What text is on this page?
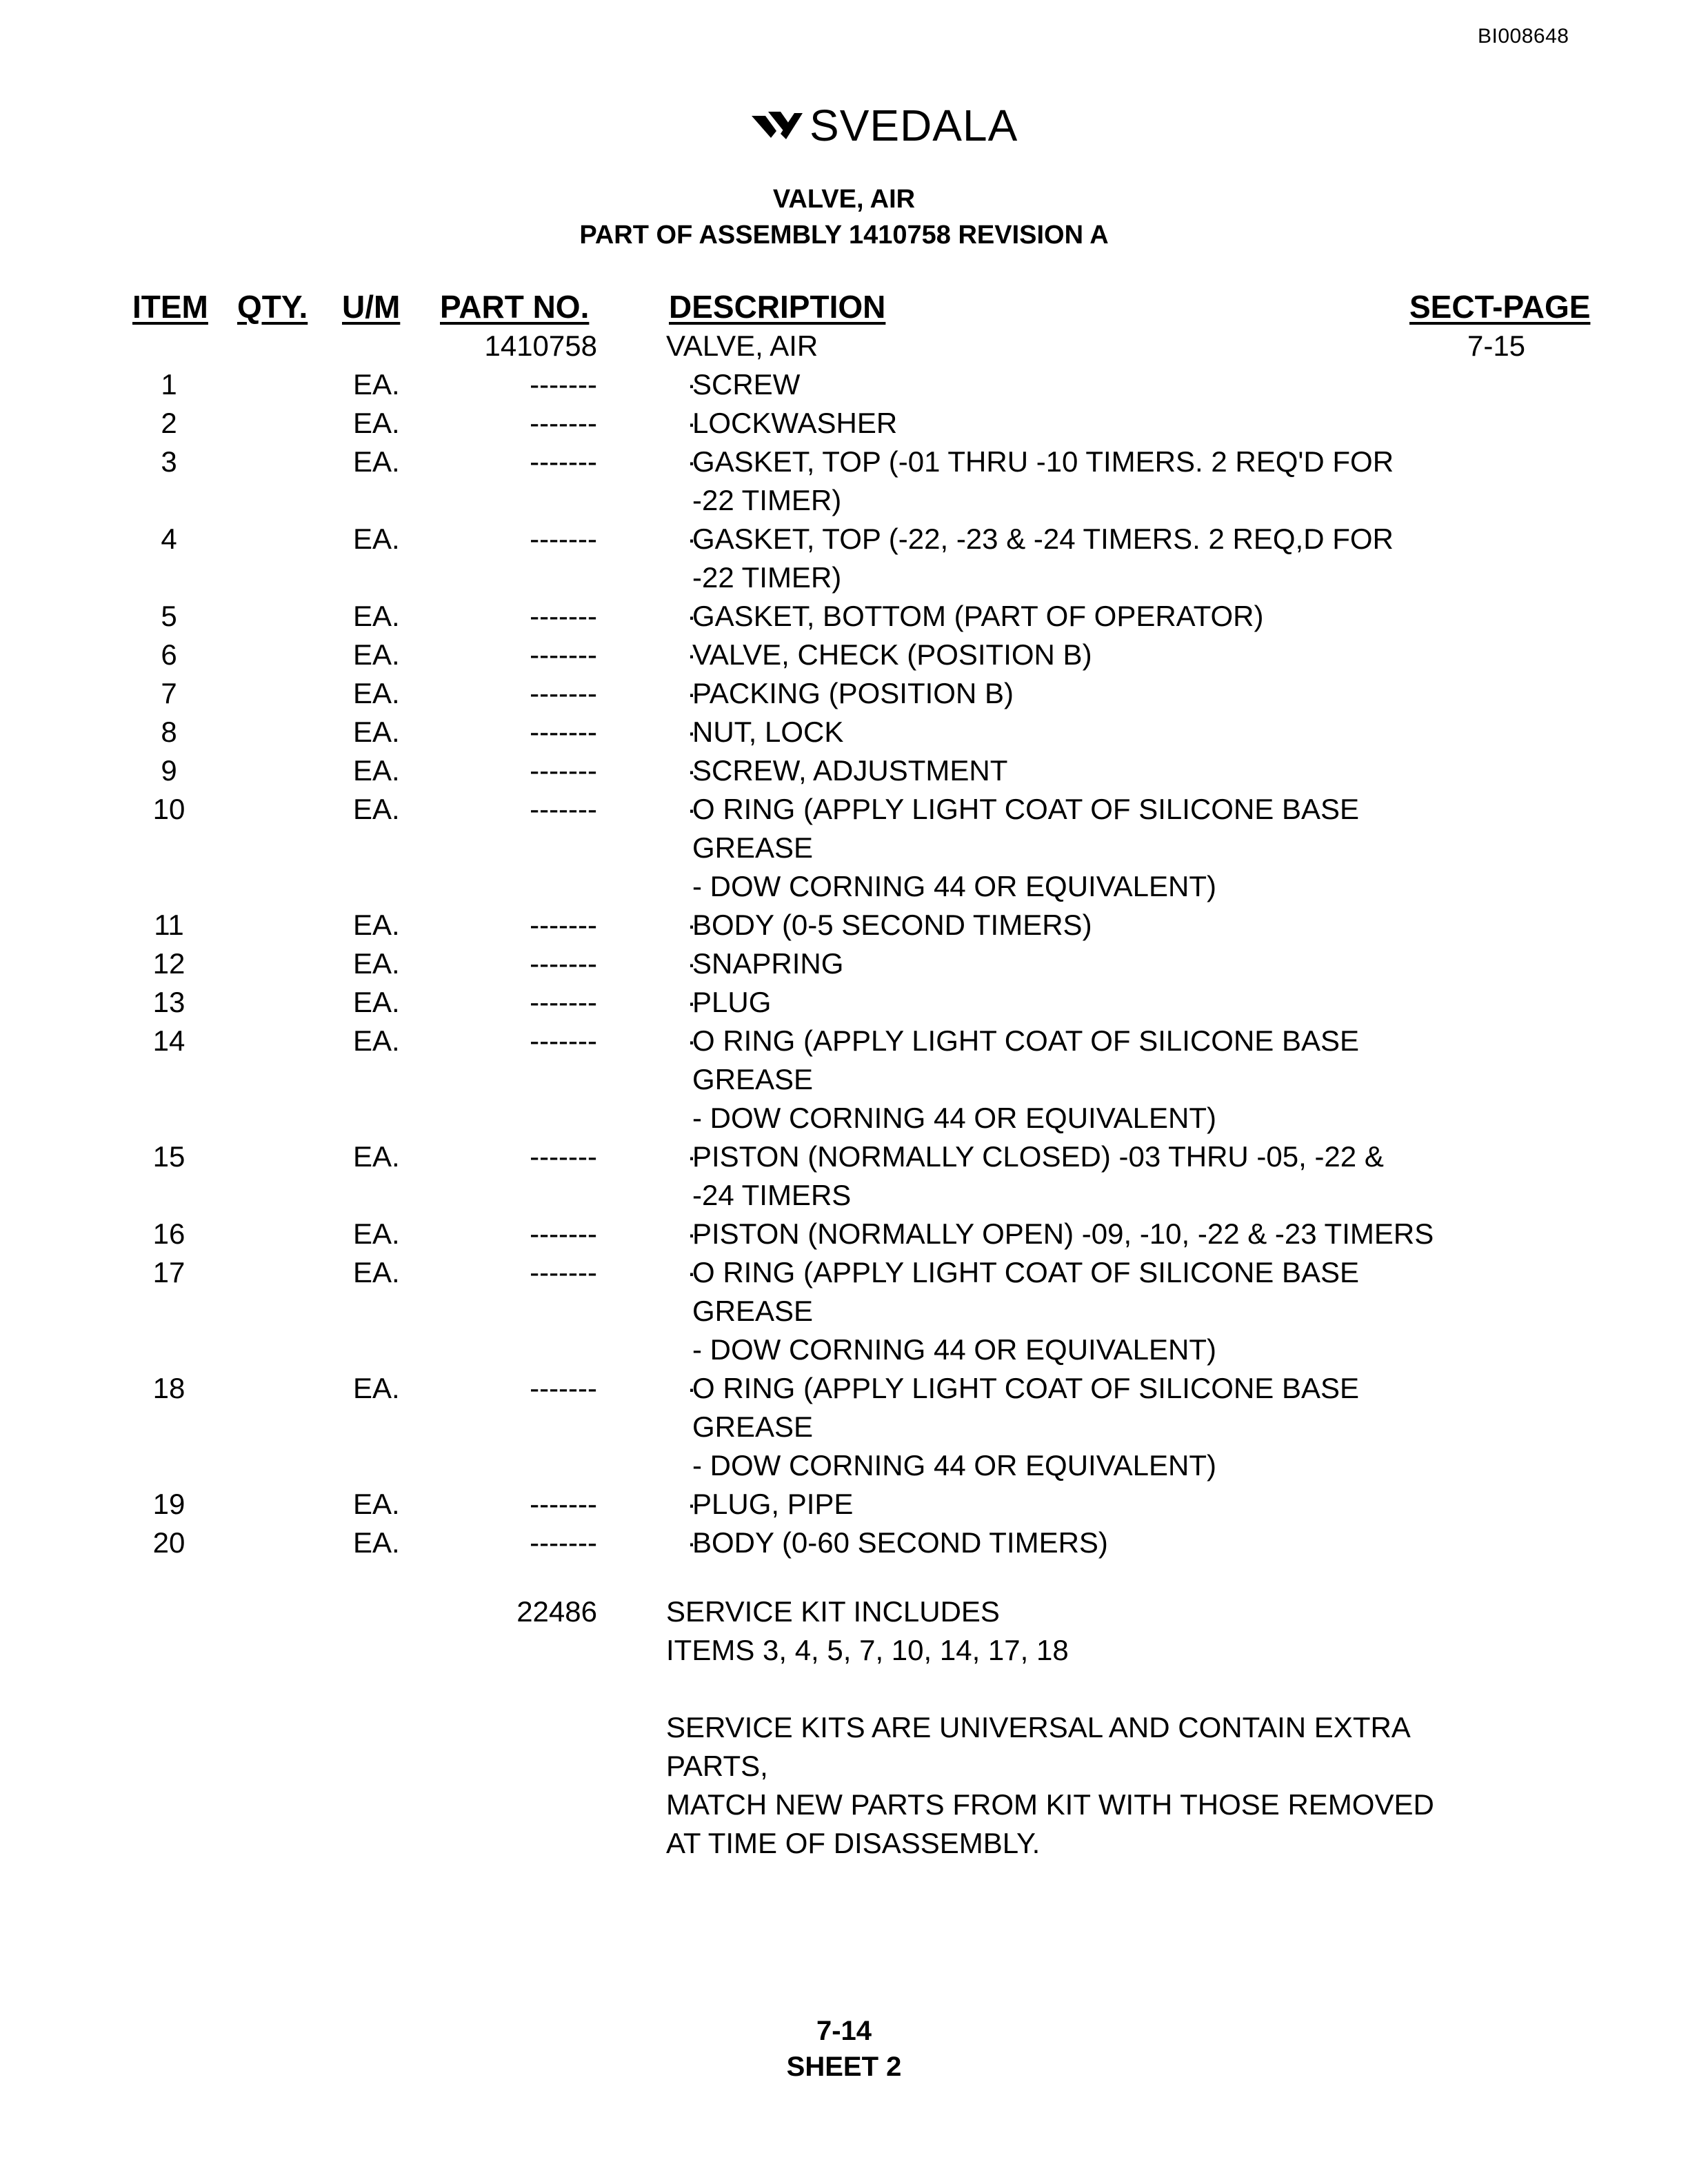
BI008648
SVEDALA
VALVE, AIR
PART OF ASSEMBLY 1410758 REVISION A
ITEM QTY. U/M PART NO.	DESCRIPTION	SECT-PAGE
1410758 VALVE, AIR	7-15
1	EA.	-------	· SCREW
2	EA.	-------	· LOCKWASHER
3	EA.	-------	· GASKET, TOP (-01 THRU -10 TIMERS. 2 REQ'D FOR
-22 TIMER)
4	EA.	-------	· GASKET, TOP (-22, -23 & -24 TIMERS. 2 REQ,D FOR
-22 TIMER)
5	EA.	-------	· GASKET, BOTTOM (PART OF OPERATOR)
6	EA.	-------	· VALVE, CHECK (POSITION B)
7	EA.	-------	· PACKING (POSITION B)
8	EA.	-------	· NUT, LOCK
9	EA.	-------	· SCREW, ADJUSTMENT
10	EA.	-------	· O RING (APPLY LIGHT COAT OF SILICONE BASE
GREASE
- DOW CORNING 44 OR EQUIVALENT)
11	EA.	-------	· BODY (0-5 SECOND TIMERS)
12	EA.	-------	· SNAPRING
13	EA.	-------	· PLUG
14	EA.	-------	· O RING (APPLY LIGHT COAT OF SILICONE BASE
GREASE
- DOW CORNING 44 OR EQUIVALENT)
15	EA.	-------	· PISTON (NORMALLY CLOSED) -03 THRU -05, -22 &
-24 TIMERS
16	EA.	-------	· PISTON (NORMALLY OPEN) -09, -10, -22 & -23 TIMERS
17	EA.	-------	· O RING (APPLY LIGHT COAT OF SILICONE BASE
GREASE
- DOW CORNING 44 OR EQUIVALENT)
18	EA.	-------	· O RING (APPLY LIGHT COAT OF SILICONE BASE
GREASE
- DOW CORNING 44 OR EQUIVALENT)
19	EA.	-------	· PLUG, PIPE
20	EA.	-------	· BODY (0-60 SECOND TIMERS)
22486 SERVICE KIT INCLUDES
ITEMS 3, 4, 5, 7, 10, 14, 17, 18
SERVICE KITS ARE UNIVERSAL AND CONTAIN EXTRA
PARTS,
MATCH NEW PARTS FROM KIT WITH THOSE REMOVED
AT TIME OF DISASSEMBLY.
7-14
SHEET 2
